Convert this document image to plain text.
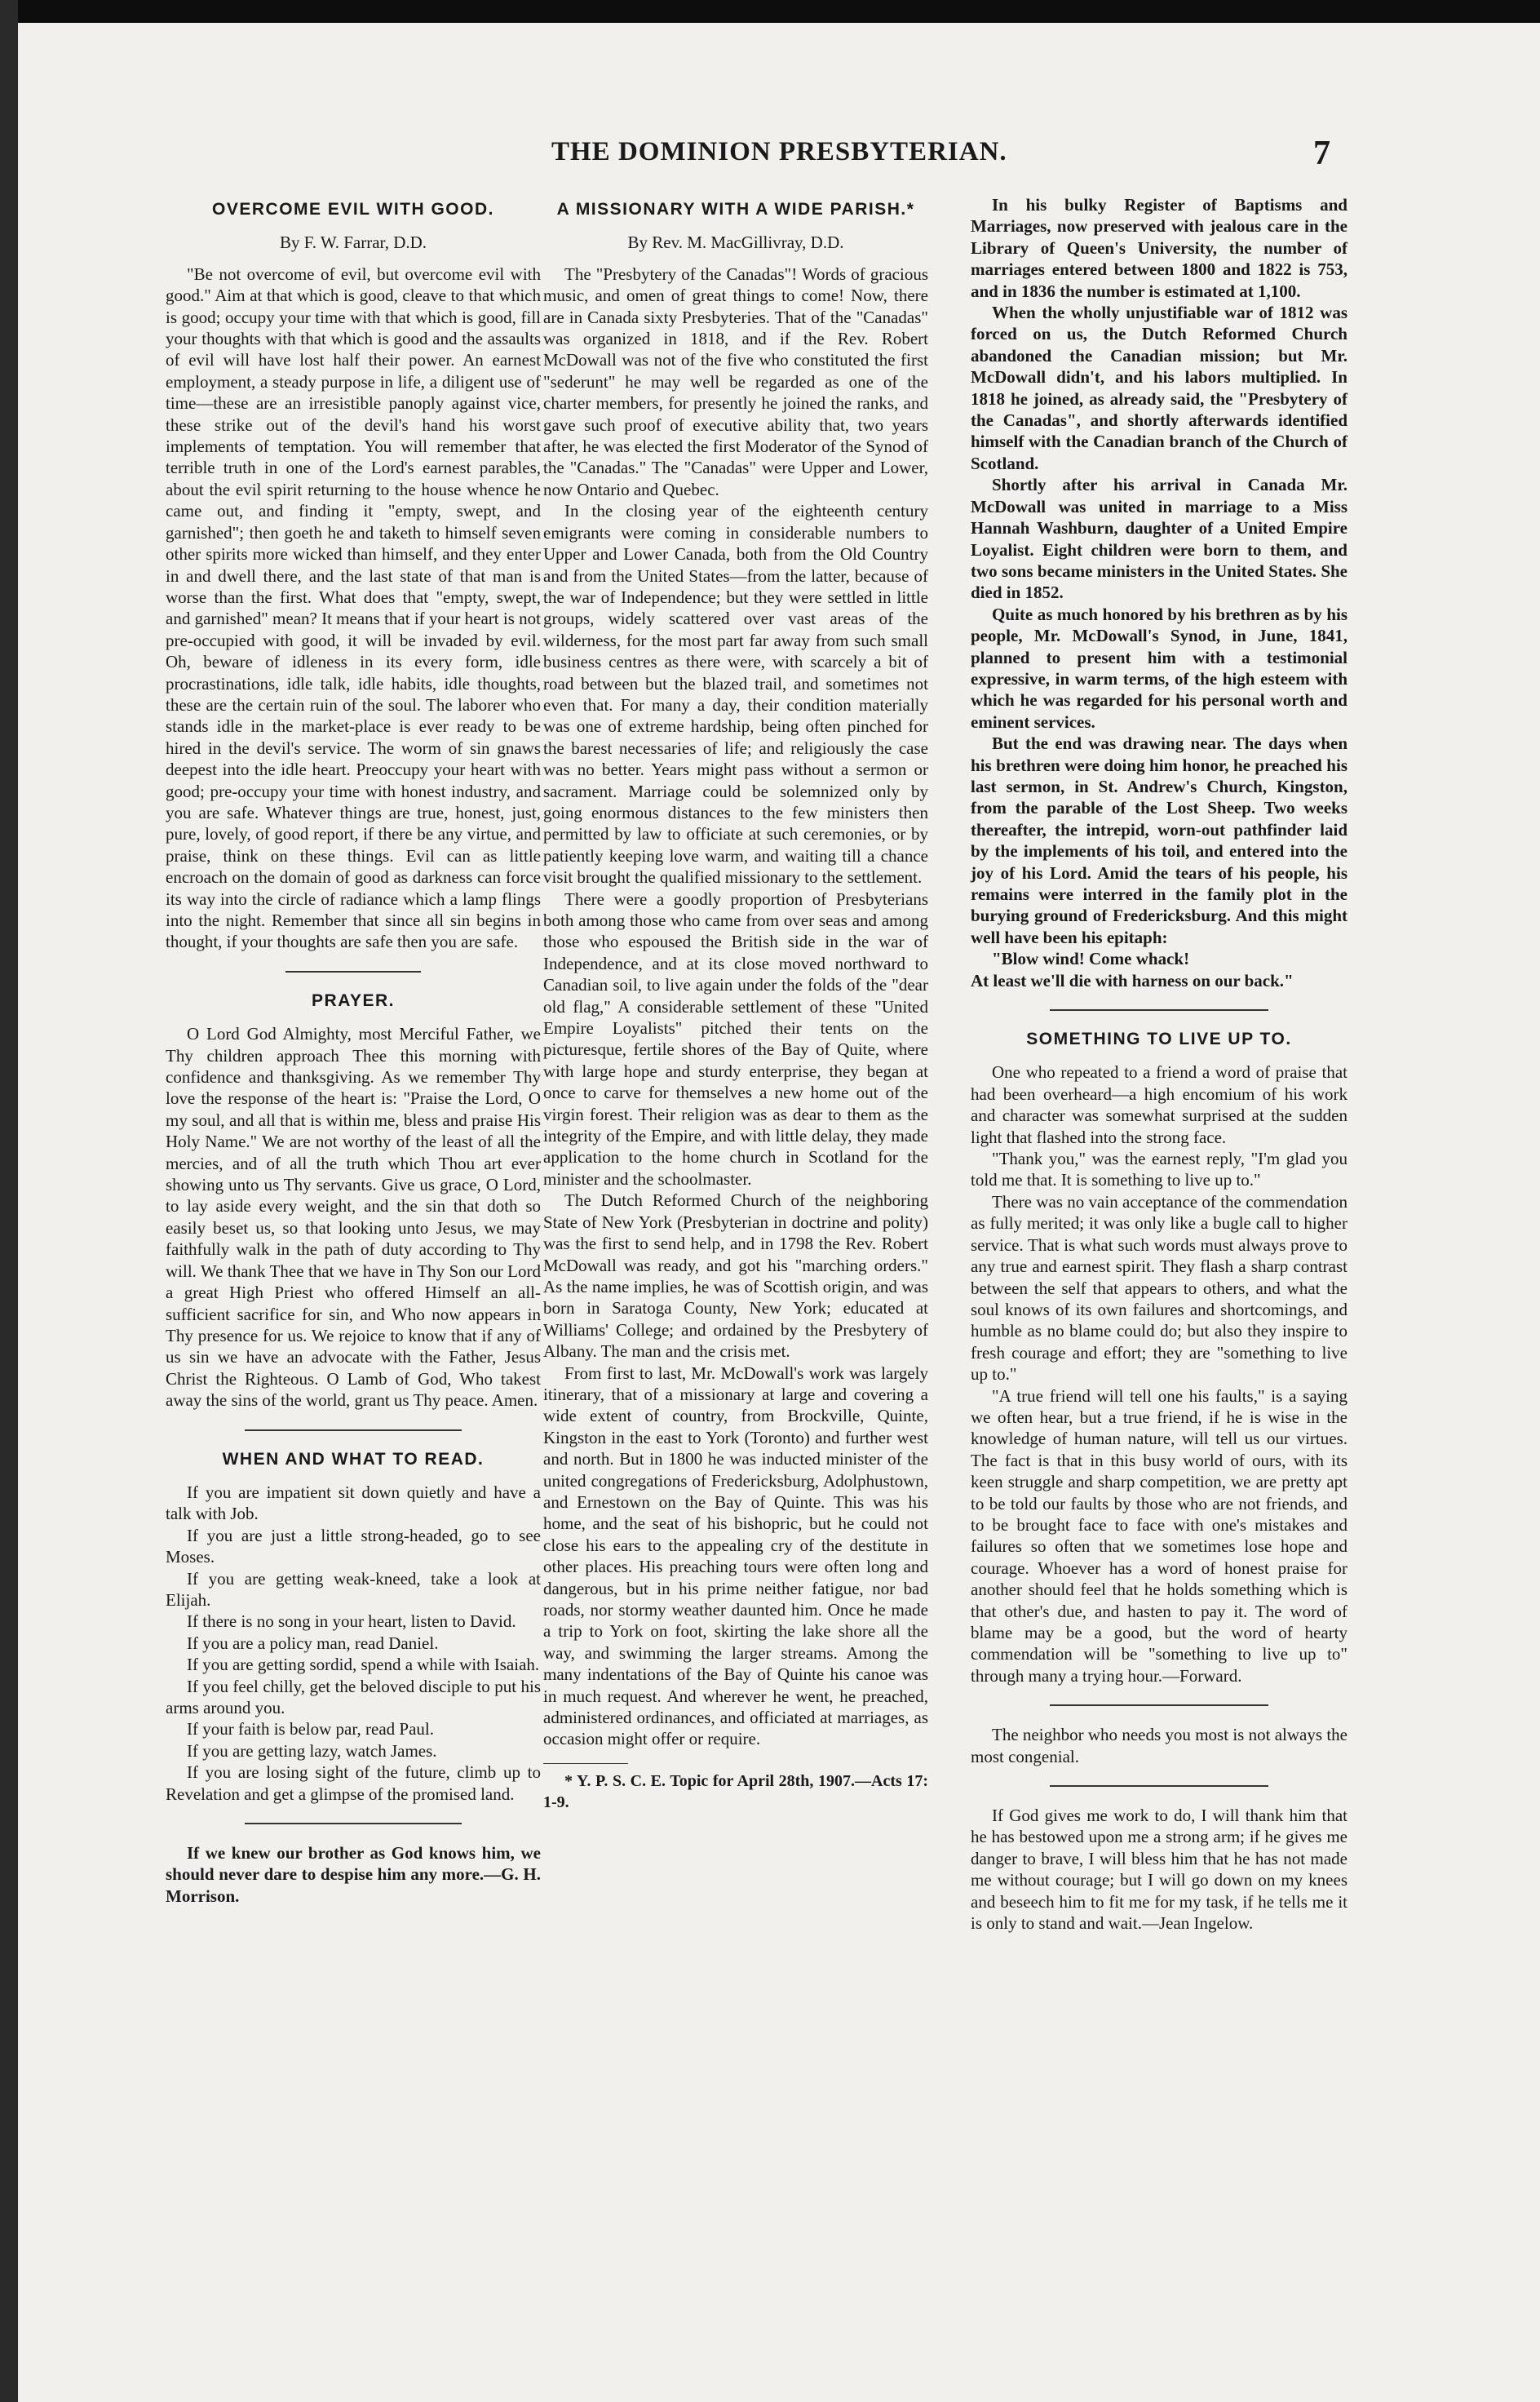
THE DOMINION PRESBYTERIAN.	7
OVERCOME EVIL WITH GOOD.
By F. W. Farrar, D.D.

"Be not overcome of evil, but overcome evil with good." Aim at that which is good, cleave to that which is good; occupy your time with that which is good, fill your thoughts with that which is good and the assaults of evil will have lost half their power. An earnest employment, a steady purpose in life, a diligent use of time—these are an irresistible panoply against vice, these strike out of the devil's hand his worst implements of temptation. You will remember that terrible truth in one of the Lord's earnest parables, about the evil spirit returning to the house whence he came out, and finding it "empty, swept, and garnished"; then goeth he and taketh to himself seven other spirits more wicked than himself, and they enter in and dwell there, and the last state of that man is worse than the first. What does that "empty, swept, and garnished" mean? It means that if your heart is not pre-occupied with good, it will be invaded by evil. Oh, beware of idleness in its every form, idle procrastinations, idle talk, idle habits, idle thoughts, these are the certain ruin of the soul. The laborer who stands idle in the market-place is ever ready to be hired in the devil's service. The worm of sin gnaws deepest into the idle heart. Preoccupy your heart with good; pre-occupy your time with honest industry, and you are safe. Whatever things are true, honest, just, pure, lovely, of good report, if there be any virtue, and praise, think on these things. Evil can as little encroach on the domain of good as darkness can force its way into the circle of radiance which a lamp flings into the night. Remember that since all sin begins in thought, if your thoughts are safe then you are safe.

PRAYER.

O Lord God Almighty, most Merciful Father, we Thy children approach Thee this morning with confidence and thanksgiving. As we remember Thy love the response of the heart is: "Praise the Lord, O my soul, and all that is within me, bless and praise His Holy Name." We are not worthy of the least of all the mercies, and of all the truth which Thou art ever showing unto us Thy servants. Give us grace, O Lord, to lay aside every weight, and the sin that doth so easily beset us, so that looking unto Jesus, we may faithfully walk in the path of duty according to Thy will. We thank Thee that we have in Thy Son our Lord a great High Priest who offered Himself an all-sufficient sacrifice for sin, and Who now appears in Thy presence for us. We rejoice to know that if any of us sin we have an advocate with the Father, Jesus Christ the Righteous. O Lamb of God, Who takest away the sins of the world, grant us Thy peace. Amen.

WHEN AND WHAT TO READ.

If you are impatient sit down quietly and have a talk with Job.

If you are just a little strong-headed, go to see Moses.

If you are getting weak-kneed, take a look at Elijah.

If there is no song in your heart, listen to David.

If you are a policy man, read Daniel.

If you are getting sordid, spend a while with Isaiah.

If you feel chilly, get the beloved disciple to put his arms around you.

If your faith is below par, read Paul.

If you are getting lazy, watch James.

If you are losing sight of the future, climb up to Revelation and get a glimpse of the promised land.

If we knew our brother as God knows him, we should never dare to despise him any more.—G. H. Morrison.

A MISSIONARY WITH A WIDE PARISH.*
By Rev. M. MacGillivray, D.D.

The "Presbytery of the Canadas"! Words of gracious music, and omen of great things to come! Now, there are in Canada sixty Presbyteries. That of the "Canadas" was organized in 1818, and if the Rev. Robert McDowall was not of the five who constituted the first "sederunt" he may well be regarded as one of the charter members, for presently he joined the ranks, and gave such proof of executive ability that, two years after, he was elected the first Moderator of the Synod of the "Canadas." The "Canadas" were Upper and Lower, now Ontario and Quebec.

In the closing year of the eighteenth century emigrants were coming in considerable numbers to Upper and Lower Canada, both from the Old Country and from the United States—from the latter, because of the war of Independence; but they were settled in little groups, widely scattered over vast areas of the wilderness, for the most part far away from such small business centres as there were, with scarcely a bit of road between but the blazed trail, and sometimes not even that. For many a day, their condition materially was one of extreme hardship, being often pinched for the barest necessaries of life; and religiously the case was no better. Years might pass without a sermon or sacrament. Marriage could be solemnized only by going enormous distances to the few ministers then permitted by law to officiate at such ceremonies, or by patiently keeping love warm, and waiting till a chance visit brought the qualified missionary to the settlement.

There were a goodly proportion of Presbyterians both among those who came from over seas and among those who espoused the British side in the war of Independence, and at its close moved northward to Canadian soil, to live again under the folds of the "dear old flag," A considerable settlement of these "United Empire Loyalists" pitched their tents on the picturesque, fertile shores of the Bay of Quite, where with large hope and sturdy enterprise, they began at once to carve for themselves a new home out of the virgin forest. Their religion was as dear to them as the integrity of the Empire, and with little delay, they made application to the home church in Scotland for the minister and the schoolmaster.

The Dutch Reformed Church of the neighboring State of New York (Presbyterian in doctrine and polity) was the first to send help, and in 1798 the Rev. Robert McDowall was ready, and got his "marching orders." As the name implies, he was of Scottish origin, and was born in Saratoga County, New York; educated at Williams' College; and ordained by the Presbytery of Albany. The man and the crisis met.

From first to last, Mr. McDowall's work was largely itinerary, that of a missionary at large and covering a wide extent of country, from Brockville, Quinte, Kingston in the east to York (Toronto) and further west and north. But in 1800 he was inducted minister of the united congregations of Fredericksburg, Adolphustown, and Ernestown on the Bay of Quinte. This was his home, and the seat of his bishopric, but he could not close his ears to the appealing cry of the destitute in other places. His preaching tours were often long and dangerous, but in his prime neither fatigue, nor bad roads, nor stormy weather daunted him. Once he made a trip to York on foot, skirting the lake shore all the way, and swimming the larger streams. Among the many indentations of the Bay of Quinte his canoe was in much request. And wherever he went, he preached, administered ordinances, and officiated at marriages, as occasion might offer or require.

* Y. P. S. C. E. Topic for April 28th, 1907.—Acts 17: 1-9.

In his bulky Register of Baptisms and Marriages, now preserved with jealous care in the Library of Queen's University, the number of marriages entered between 1800 and 1822 is 753, and in 1836 the number is estimated at 1,100.

When the wholly unjustifiable war of 1812 was forced on us, the Dutch Reformed Church abandoned the Canadian mission; but Mr. McDowall didn't, and his labors multiplied. In 1818 he joined, as already said, the "Presbytery of the Canadas", and shortly afterwards identified himself with the Canadian branch of the Church of Scotland.

Shortly after his arrival in Canada Mr. McDowall was united in marriage to a Miss Hannah Washburn, daughter of a United Empire Loyalist. Eight children were born to them, and two sons became ministers in the United States. She died in 1852.

Quite as much honored by his brethren as by his people, Mr. McDowall's Synod, in June, 1841, planned to present him with a testimonial expressive, in warm terms, of the high esteem with which he was regarded for his personal worth and eminent services.

But the end was drawing near. The days when his brethren were doing him honor, he preached his last sermon, in St. Andrew's Church, Kingston, from the parable of the Lost Sheep. Two weeks thereafter, the intrepid, worn-out pathfinder laid by the implements of his toil, and entered into the joy of his Lord. Amid the tears of his people, his remains were interred in the family plot in the burying ground of Fredericksburg. And this might well have been his epitaph:

"Blow wind! Come whack!

At least we'll die with harness on our back."

SOMETHING TO LIVE UP TO.

One who repeated to a friend a word of praise that had been overheard—a high encomium of his work and character was somewhat surprised at the sudden light that flashed into the strong face.

"Thank you," was the earnest reply, "I'm glad you told me that. It is something to live up to."

There was no vain acceptance of the commendation as fully merited; it was only like a bugle call to higher service. That is what such words must always prove to any true and earnest spirit. They flash a sharp contrast between the self that appears to others, and what the soul knows of its own failures and shortcomings, and humble as no blame could do; but also they inspire to fresh courage and effort; they are "something to live up to."

"A true friend will tell one his faults," is a saying we often hear, but a true friend, if he is wise in the knowledge of human nature, will tell us our virtues. The fact is that in this busy world of ours, with its keen struggle and sharp competition, we are pretty apt to be told our faults by those who are not friends, and to be brought face to face with one's mistakes and failures so often that we sometimes lose hope and courage. Whoever has a word of honest praise for another should feel that he holds something which is that other's due, and hasten to pay it. The word of blame may be a good, but the word of hearty commendation will be "something to live up to" through many a trying hour.—Forward.

The neighbor who needs you most is not always the most congenial.

If God gives me work to do, I will thank him that he has bestowed upon me a strong arm; if he gives me danger to brave, I will bless him that he has not made me without courage; but I will go down on my knees and beseech him to fit me for my task, if he tells me it is only to stand and wait.—Jean Ingelow.
